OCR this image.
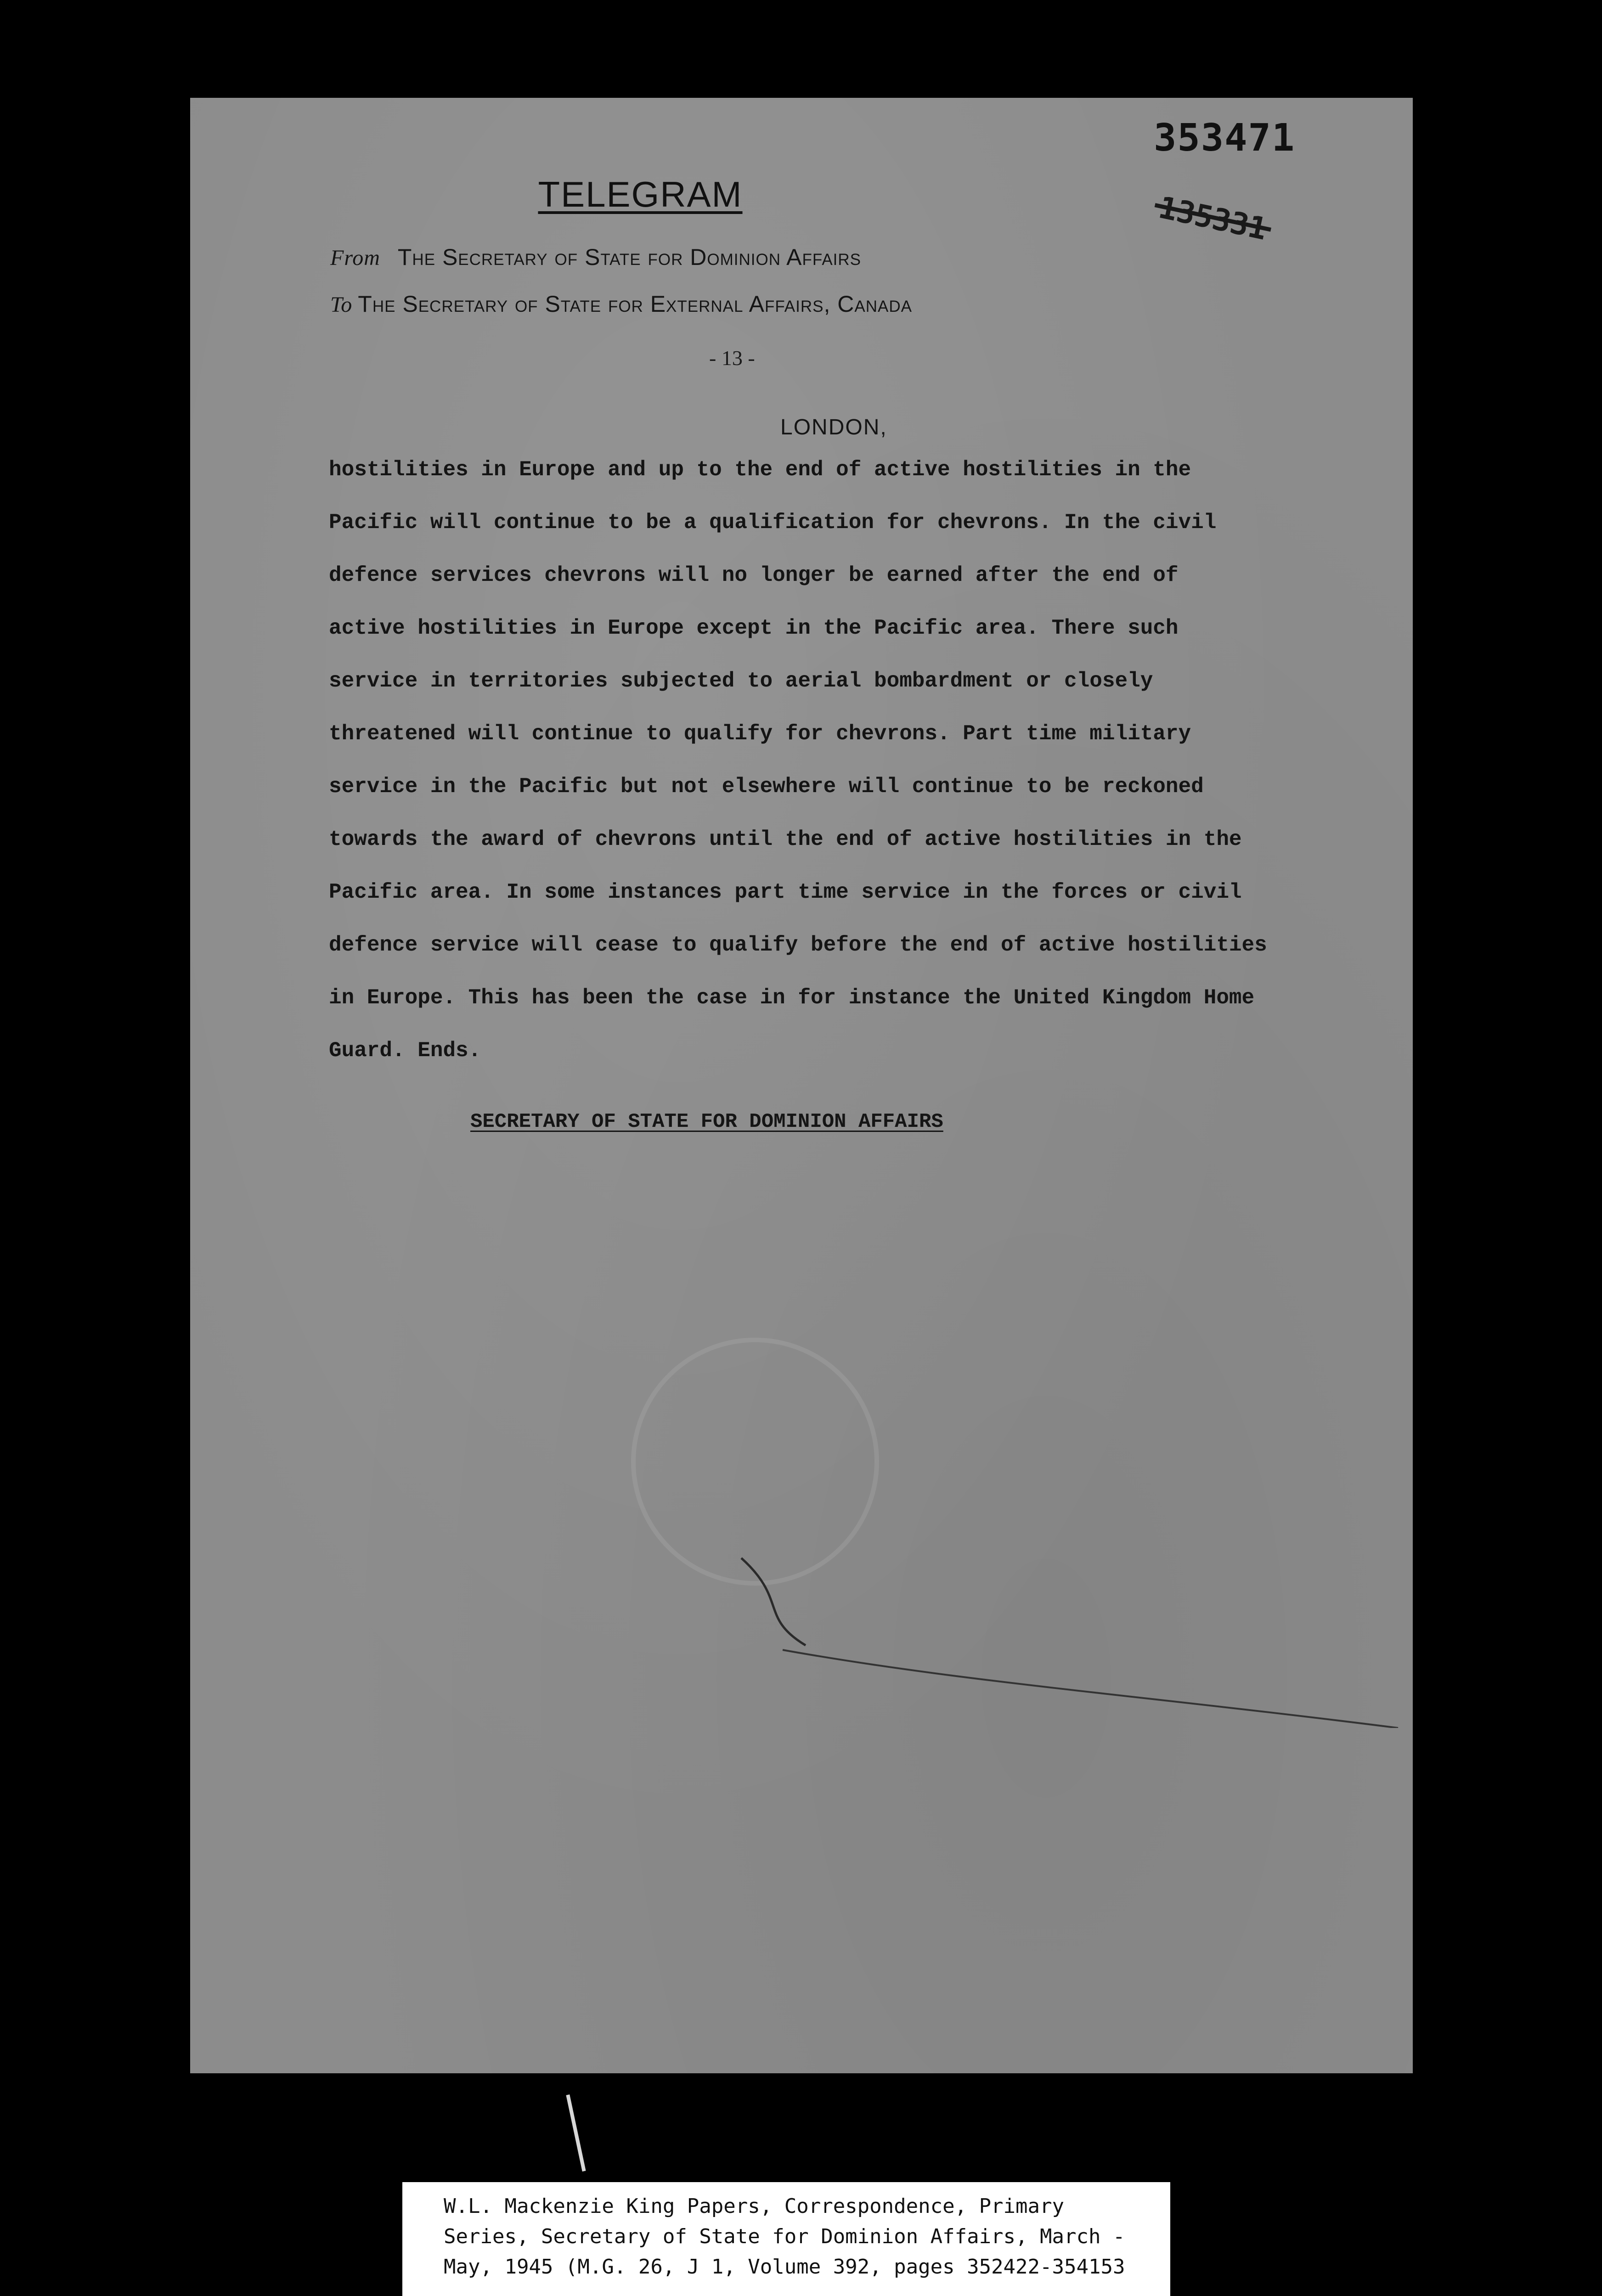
353471
135331
TELEGRAM
From The Secretary of State for Dominion Affairs
To The Secretary of State for External Affairs, Canada
- 13 -
LONDON,
hostilities in Europe and up to the end of active hostilities in the
Pacific will continue to be a qualification for chevrons. In the civil
defence services chevrons will no longer be earned after the end of
active hostilities in Europe except in the Pacific area. There such
service in territories subjected to aerial bombardment or closely
threatened will continue to qualify for chevrons. Part time military
service in the Pacific but not elsewhere will continue to be reckoned
towards the award of chevrons until the end of active hostilities in the
Pacific area. In some instances part time service in the forces or civil
defence service will cease to qualify before the end of active hostilities
in Europe. This has been the case in for instance the United Kingdom Home
Guard. Ends.
SECRETARY OF STATE FOR DOMINION AFFAIRS
W.L. Mackenzie King Papers, Correspondence, Primary
Series, Secretary of State for Dominion Affairs, March -
May, 1945 (M.G. 26, J 1, Volume 392, pages 352422-354153
